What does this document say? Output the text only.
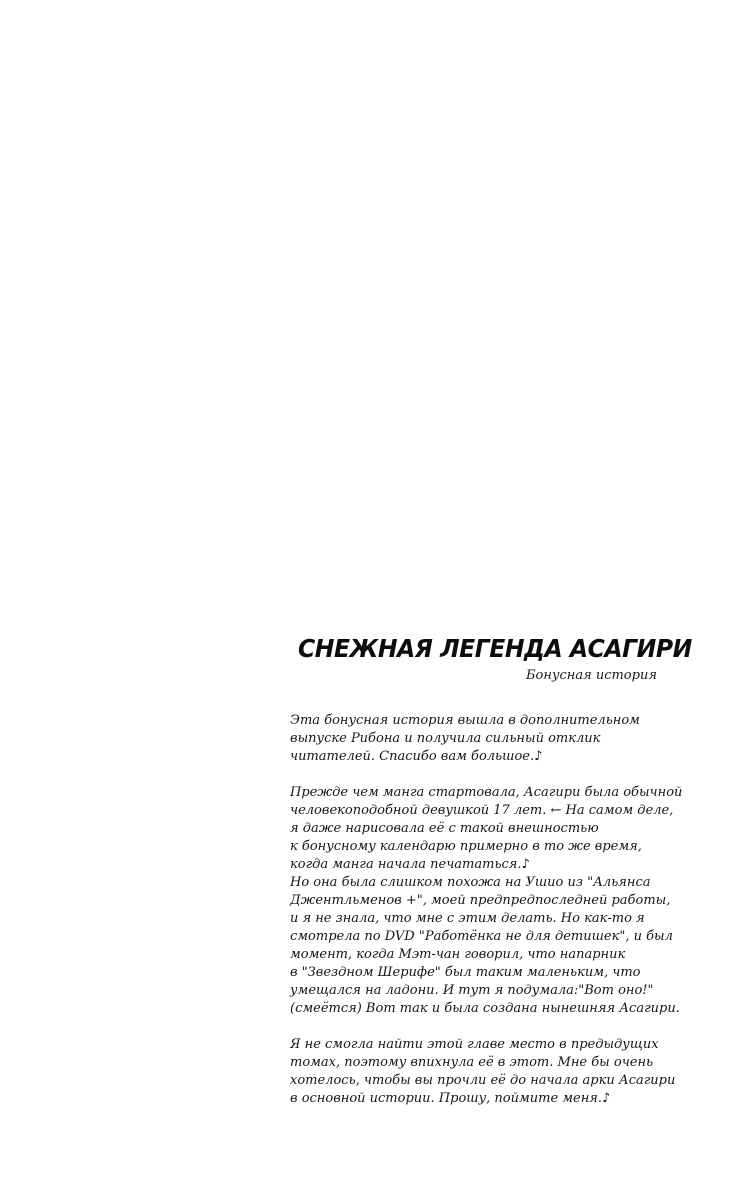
СНЕЖНАЯ ЛЕГЕНДА АСАГИРИ
Бонусная история
Эта бонусная история вышла в дополнительном
выпуске Рибона и получила сильный отклик
читателей. Спасибо вам большое.♪
Прежде чем манга стартовала, Асагири была обычной
человекоподобной девушкой 17 лет. ← На самом деле,
я даже нарисовала её с такой внешностью
к бонусному календарю примерно в то же время,
когда манга начала печататься.♪
Но она была слишком похожа на Ушио из "Альянса
Джентльменов +", моей предпредпоследней работы,
и я не знала, что мне с этим делать. Но как-то я
смотрела по DVD "Работёнка не для детишек", и был
момент, когда Мэт-чан говорил, что напарник
в "Звездном Шерифе" был таким маленьким, что
умещался на ладони. И тут я подумала:"Вот оно!"
(смеётся) Вот так и была создана нынешняя Асагири.
Я не смогла найти этой главе место в предыдущих
томах, поэтому впихнула её в этот. Мне бы очень
хотелось, чтобы вы прочли её до начала арки Асагири
в основной истории. Прошу, поймите меня.♪
